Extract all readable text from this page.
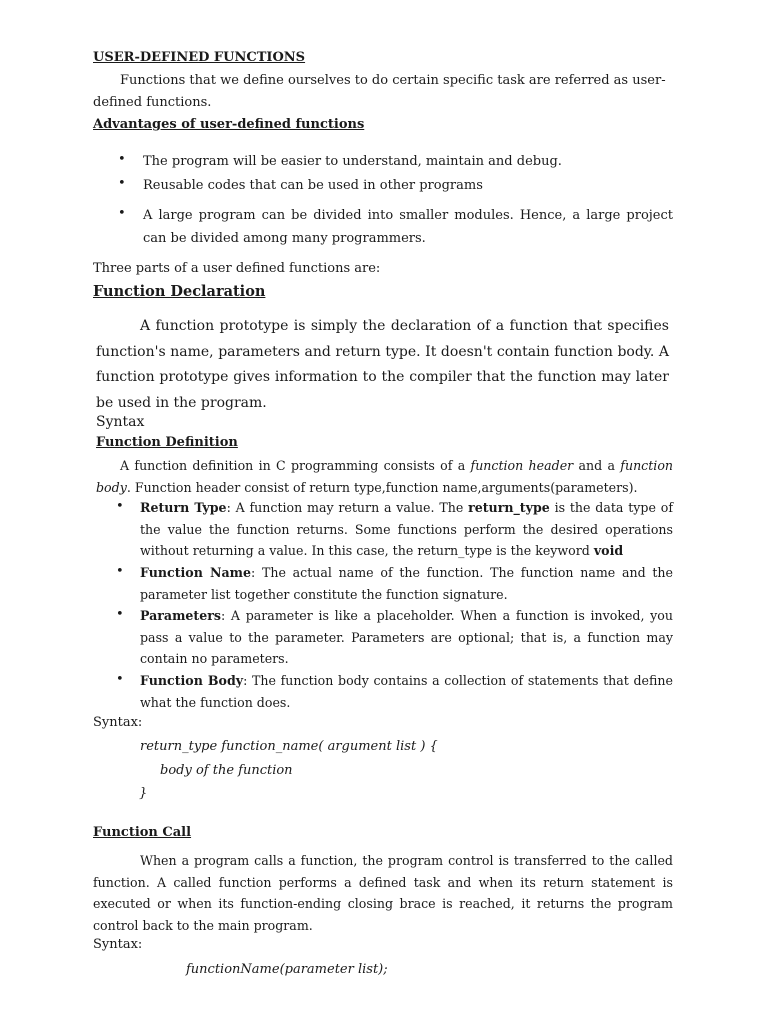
USER-DEFINED FUNCTIONS
Functions that we define ourselves to do certain specific task are referred as user-
defined functions.
Advantages of user-defined functions
• The program will be easier to understand, maintain and debug.
• Reusable codes that can be used in other programs
• A large program can be divided into smaller modules. Hence, a large project can be divided among many programmers.
Three parts of a user defined functions are:
Function Declaration
A function prototype is simply the declaration of a function that specifies function's name, parameters and return type. It doesn't contain function body. A function prototype gives information to the compiler that the function may later be used in the program.
Syntax
Function Definition
A function definition in C programming consists of a function header and a function body. Function header consist of return type,function name,arguments(parameters).
• Return Type: A function may return a value. The return_type is the data type of the value the function returns. Some functions perform the desired operations without returning a value. In this case, the return_type is the keyword void
• Function Name: The actual name of the function. The function name and the parameter list together constitute the function signature.
• Parameters: A parameter is like a placeholder. When a function is invoked, you pass a value to the parameter. Parameters are optional; that is, a function may contain no parameters.
• Function Body: The function body contains a collection of statements that define what the function does.
Syntax:
return_type function_name( argument list ) {
body of the function
}
Function Call
When a program calls a function, the program control is transferred to the called function. A called function performs a defined task and when its return statement is executed or when its function-ending closing brace is reached, it returns the program control back to the main program.
Syntax:
functionName(parameter list);
